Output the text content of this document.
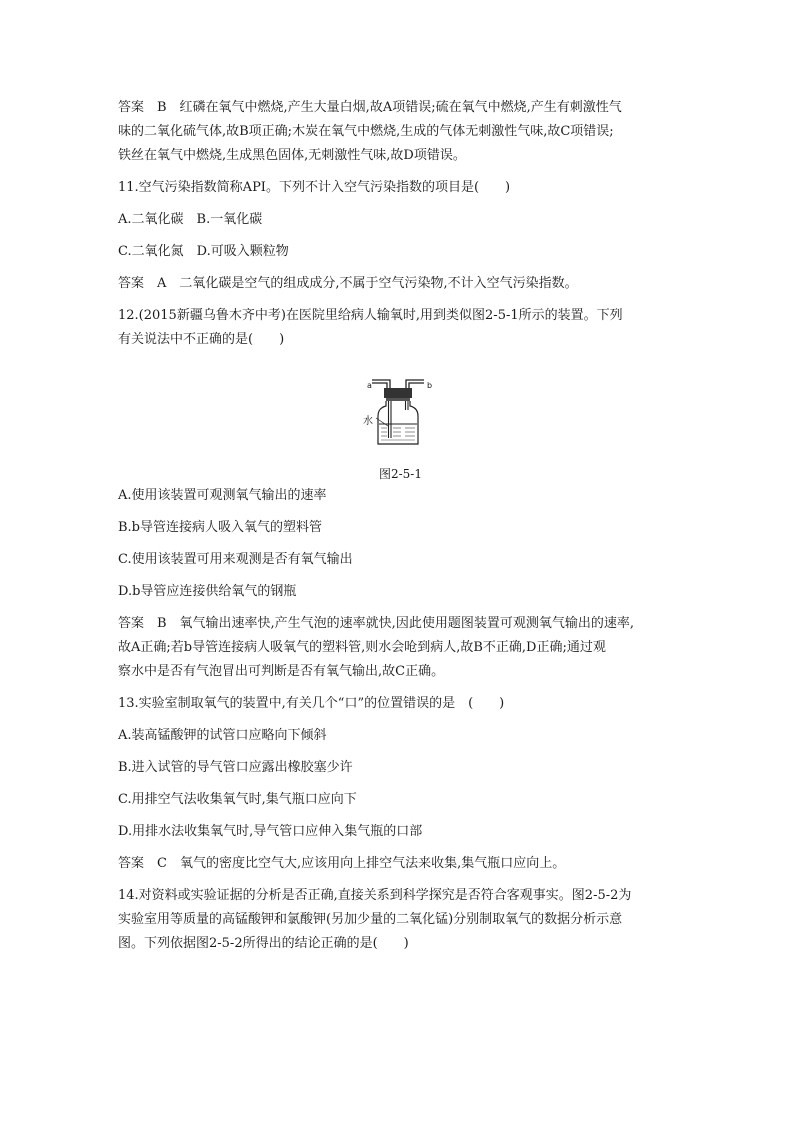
答案　B　红磷在氧气中燃烧,产生大量白烟,故A项错误;硫在氧气中燃烧,产生有刺激性气
味的二氧化硫气体,故B项正确;木炭在氧气中燃烧,生成的气体无刺激性气味,故C项错误;
铁丝在氧气中燃烧,生成黑色固体,无刺激性气味,故D项错误。
11.空气污染指数简称API。下列不计入空气污染指数的项目是(　　)
A.二氧化碳　B.一氧化碳
C.二氧化氮　D.可吸入颗粒物
答案　A　二氧化碳是空气的组成成分,不属于空气污染物,不计入空气污染指数。
12.(2015新疆乌鲁木齐中考)在医院里给病人输氧时,用到类似图2-5-1所示的装置。下列
有关说法中不正确的是(　　)
a	b
水
图2-5-1
A.使用该装置可观测氧气输出的速率
B.b导管连接病人吸入氧气的塑料管
C.使用该装置可用来观测是否有氧气输出
D.b导管应连接供给氧气的钢瓶
答案　B　氧气输出速率快,产生气泡的速率就快,因此使用题图装置可观测氧气输出的速率,
故A正确;若b导管连接病人吸氧气的塑料管,则水会呛到病人,故B不正确,D正确;通过观
察水中是否有气泡冒出可判断是否有氧气输出,故C正确。
13.实验室制取氧气的装置中,有关几个“口”的位置错误的是　(　　)
A.装高锰酸钾的试管口应略向下倾斜
B.进入试管的导气管口应露出橡胶塞少许
C.用排空气法收集氧气时,集气瓶口应向下
D.用排水法收集氧气时,导气管口应伸入集气瓶的口部
答案　C　氧气的密度比空气大,应该用向上排空气法来收集,集气瓶口应向上。
14.对资料或实验证据的分析是否正确,直接关系到科学探究是否符合客观事实。图2-5-2为
实验室用等质量的高锰酸钾和氯酸钾(另加少量的二氧化锰)分别制取氧气的数据分析示意
图。下列依据图2-5-2所得出的结论正确的是(　　)
